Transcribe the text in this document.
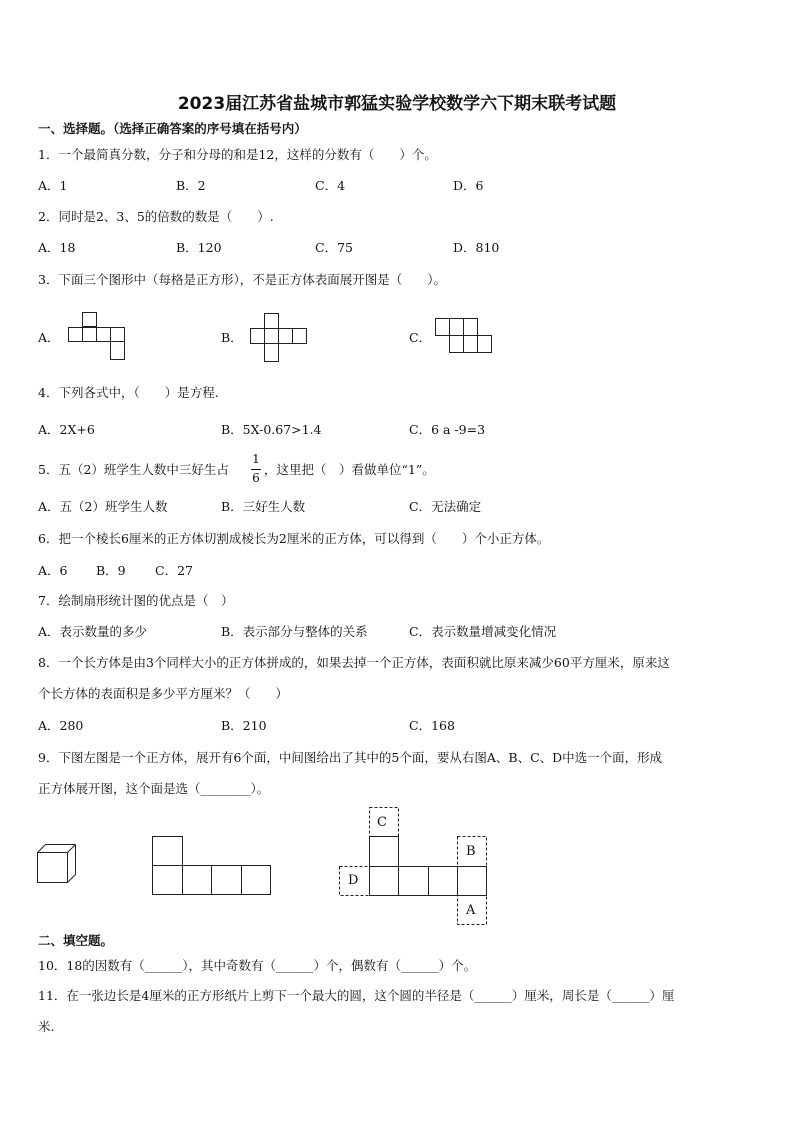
2023届江苏省盐城市郭猛实验学校数学六下期末联考试题
一、选择题。（选择正确答案的序号填在括号内）
1．一个最简真分数，分子和分母的和是12，这样的分数有（　　）个。
A．1	B．2	C．4	D．6
2．同时是2、3、5的倍数的数是（　　）.
A．18	B．120	C．75	D．810
3．下面三个图形中（每格是正方形），不是正方体表面展开图是（　　）。
A．	B．	C．
4．下列各式中，（　　）是方程.
A．2X+6	B．5X-0.67>1.4	C．6 a -9=3
5．五（2）班学生人数中三好生占
1
6
，这里把（　）看做单位“1”。
A．五（2）班学生人数	B．三好生人数	C．无法确定
6．把一个棱长6厘米的正方体切割成棱长为2厘米的正方体，可以得到（　　）个小正方体。
A．6 B．9 C．27
7．绘制扇形统计图的优点是（　）
A．表示数量的多少	B．表示部分与整体的关系	C．表示数量增减变化情况
8．一个长方体是由3个同样大小的正方体拼成的，如果去掉一个正方体，表面积就比原来减少60平方厘米，原来这
个长方体的表面积是多少平方厘米？（　　）
A．280	B．210	C．168
9．下图左图是一个正方体，展开有6个面，中间图给出了其中的5个面，要从右图A、B、C、D中选一个面，形成
正方体展开图，这个面是选（________）。
C
B
D
A
二、填空题。
10．18的因数有（______），其中奇数有（______）个，偶数有（______）个。
11．在一张边长是4厘米的正方形纸片上剪下一个最大的圆，这个圆的半径是（______）厘米，周长是（______）厘
米.
